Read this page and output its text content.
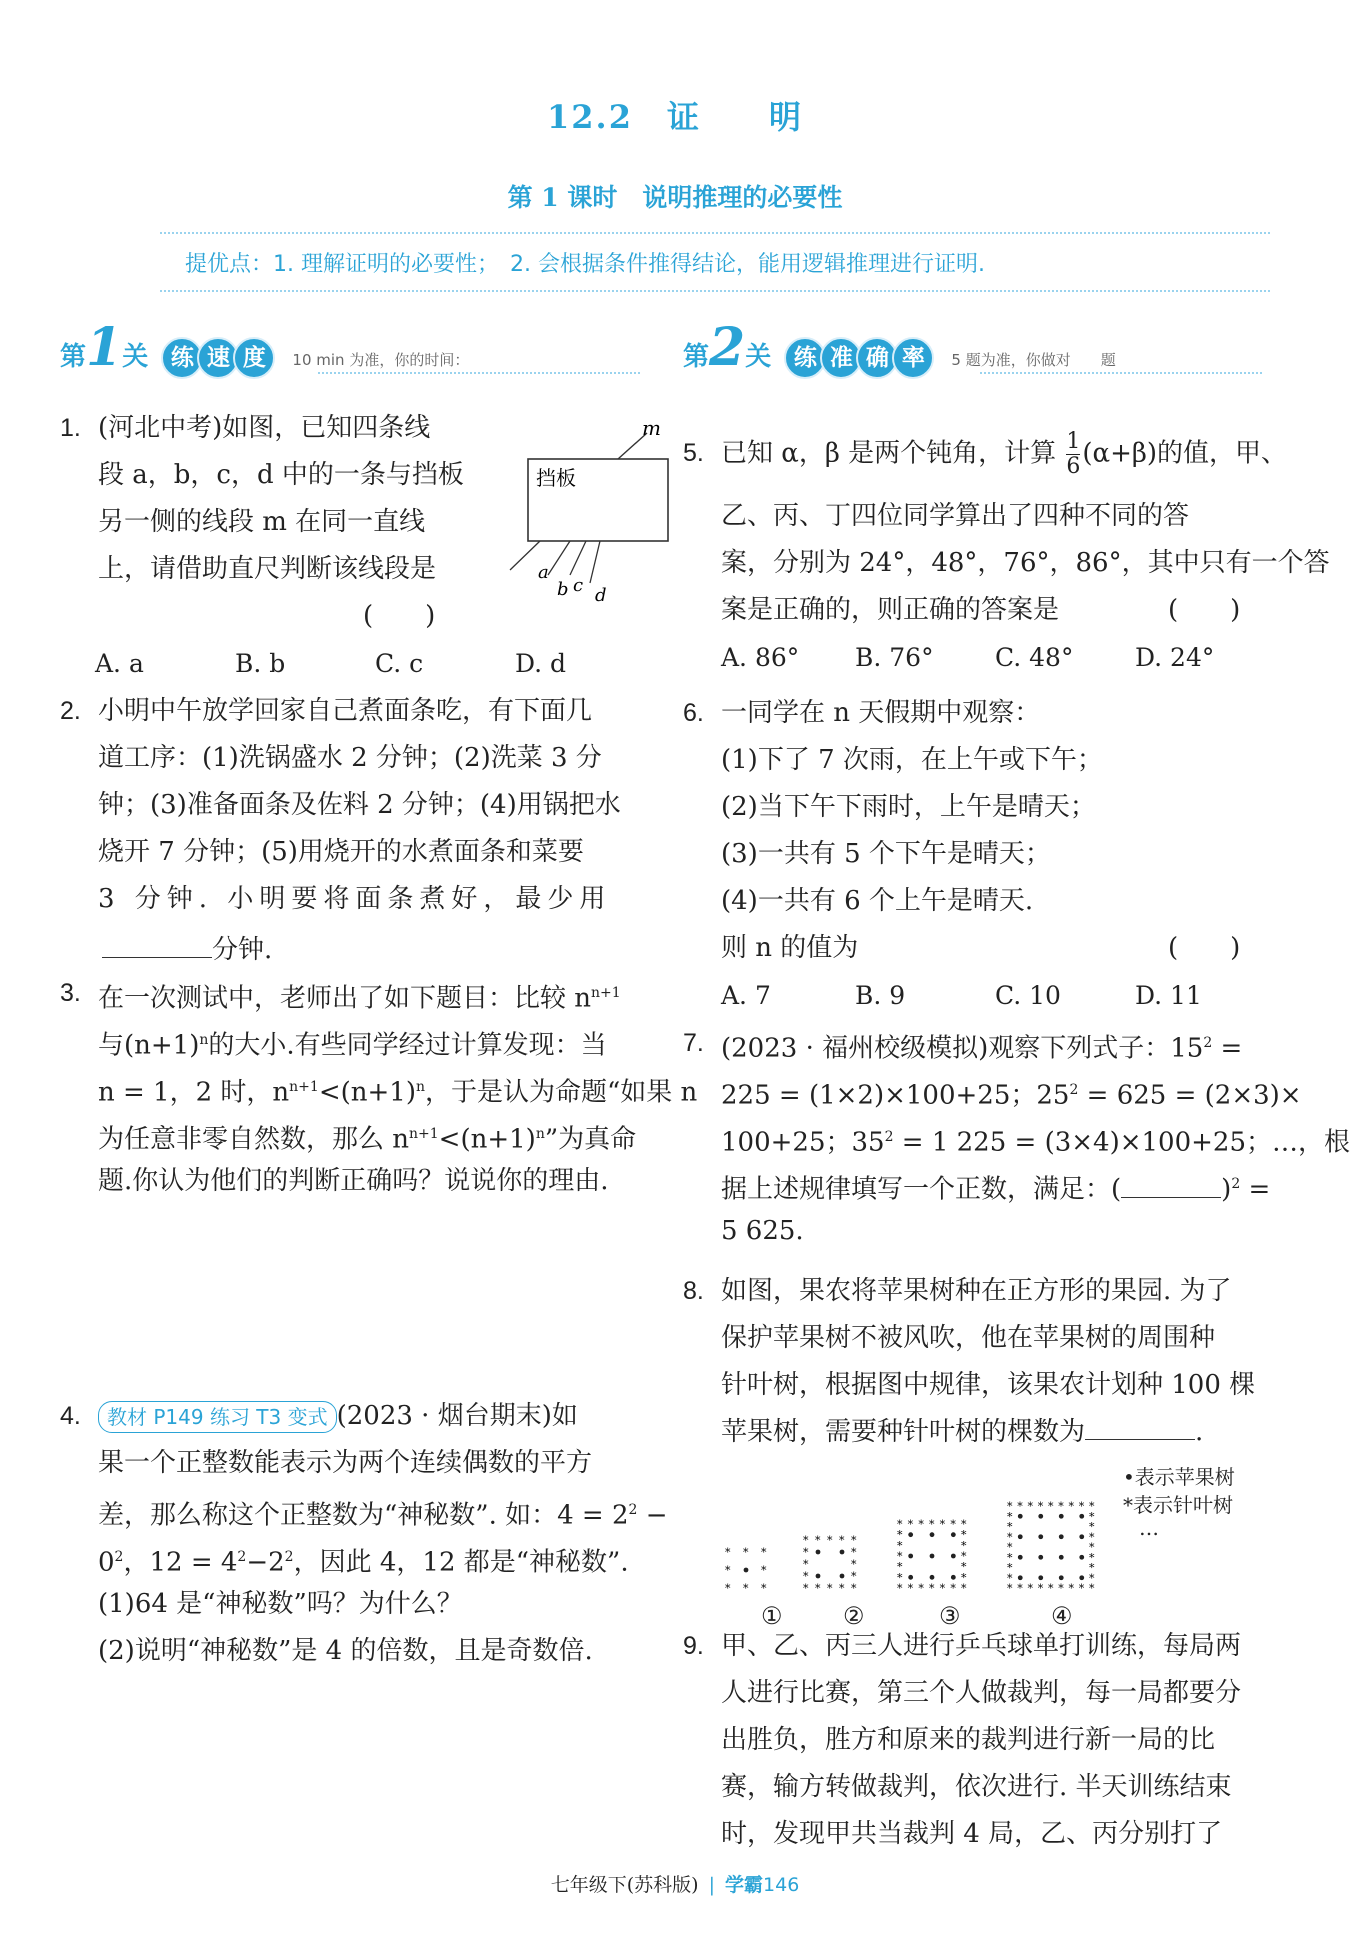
12.2　证　　明
第 1 课时　说明推理的必要性
提优点：1. 理解证明的必要性；　2. 会根据条件推得结论，能用逻辑推理进行证明.
第1关 练 速 度 10 min 为准，你的时间：	第2关 练 准 确 率 5 题为准，你做对　　题
1. (河北中考)如图，已知四条线
段 a，b，c，d 中的一条与挡板
另一侧的线段 m 在同一直线
上，请借助直尺判断该线段是
(　　)
A. a	B. b	C. c	D. d
挡板
m
a
b c d
2. 小明中午放学回家自己煮面条吃，有下面几
道工序：(1)洗锅盛水 2 分钟；(2)洗菜 3 分
钟；(3)准备面条及佐料 2 分钟；(4)用锅把水
烧开 7 分钟；(5)用烧开的水煮面条和菜要
3 分钟. 小明要将面条煮好，最少用
分钟.
3. 在一次测试中，老师出了如下题目：比较 $n^{n+1}$
与$(n+1)^n$的大小.有些同学经过计算发现：当
n = 1，2 时，$n^{n+1}<(n+1)^n$，于是认为命题“如果 n
为任意非零自然数，那么 $n^{n+1}<(n+1)^n$”为真命
题.你认为他们的判断正确吗？说说你的理由.
4.	教材 P149 练习 T3 变式 (2023 · 烟台期末)如
果一个正整数能表示为两个连续偶数的平方
差，那么称这个正整数为“神秘数”. 如：$4 = 2^2$ −
$0^2$，$12 = 4^2-2^2$，因此 4，12 都是“神秘数”.
(1)64 是“神秘数”吗？为什么？
(2)说明“神秘数”是 4 的倍数，且是奇数倍.
5. 已知 α，β 是两个钝角，计算 $\frac{1}{6} (\alpha+\beta)$的值，甲、
乙、丙、丁四位同学算出了四种不同的答
案，分别为 24°，48°，76°，86°，其中只有一个答
案是正确的，则正确的答案是	(　　)
A. 86° B. 76° C. 48° D. 24°
6. 一同学在 n 天假期中观察：
(1)下了 7 次雨，在上午或下午；
(2)当下午下雨时，上午是晴天；
(3)一共有 5 个下午是晴天；
(4)一共有 6 个上午是晴天.
则 n 的值为	(　　)
A. 7	B. 9	C. 10	D. 11
7. (2023 · 福州校级模拟)观察下列式子：$15^2$ =
225 = (1×2)×100+25；$25^2 = 625 = (2\times 3)\times$
100+25；$35^2 = 1$ 225 = (3×4)×100+25；…，根
据上述规律填写一个正数，满足：(	)$^2$ =
5 625.
8. 如图，果农将苹果树种在正方形的果园. 为了
保护苹果树不被风吹，他在苹果树的周围种
针叶树，根据图中规律，该果农计划种 100 棵
苹果树，需要种针叶树的棵数为	.
*
*
*
*
*
*
*
*
*
*
*
*
*
*
*
*
*
*
*
*
*
*
*
*
*
*
*
*
*
*
*
*
*
*
*
*
*
*
*
*
*
*
*
*
*
*
*
*
*
*
*
*
*
*
*
*
*
*
*
*
*
*
*
*
*
*
*
*
*
*
*
*
*
*
*
*
*
*
*
*
①	②	③	④
•表示苹果树
*表示针叶树
…
9. 甲、乙、丙三人进行乒乓球单打训练，每局两
人进行比赛，第三个人做裁判，每一局都要分
出胜负，胜方和原来的裁判进行新一局的比
赛，输方转做裁判，依次进行. 半天训练结束
时，发现甲共当裁判 4 局，乙、丙分别打了
七年级下(苏科版) | 学霸146
